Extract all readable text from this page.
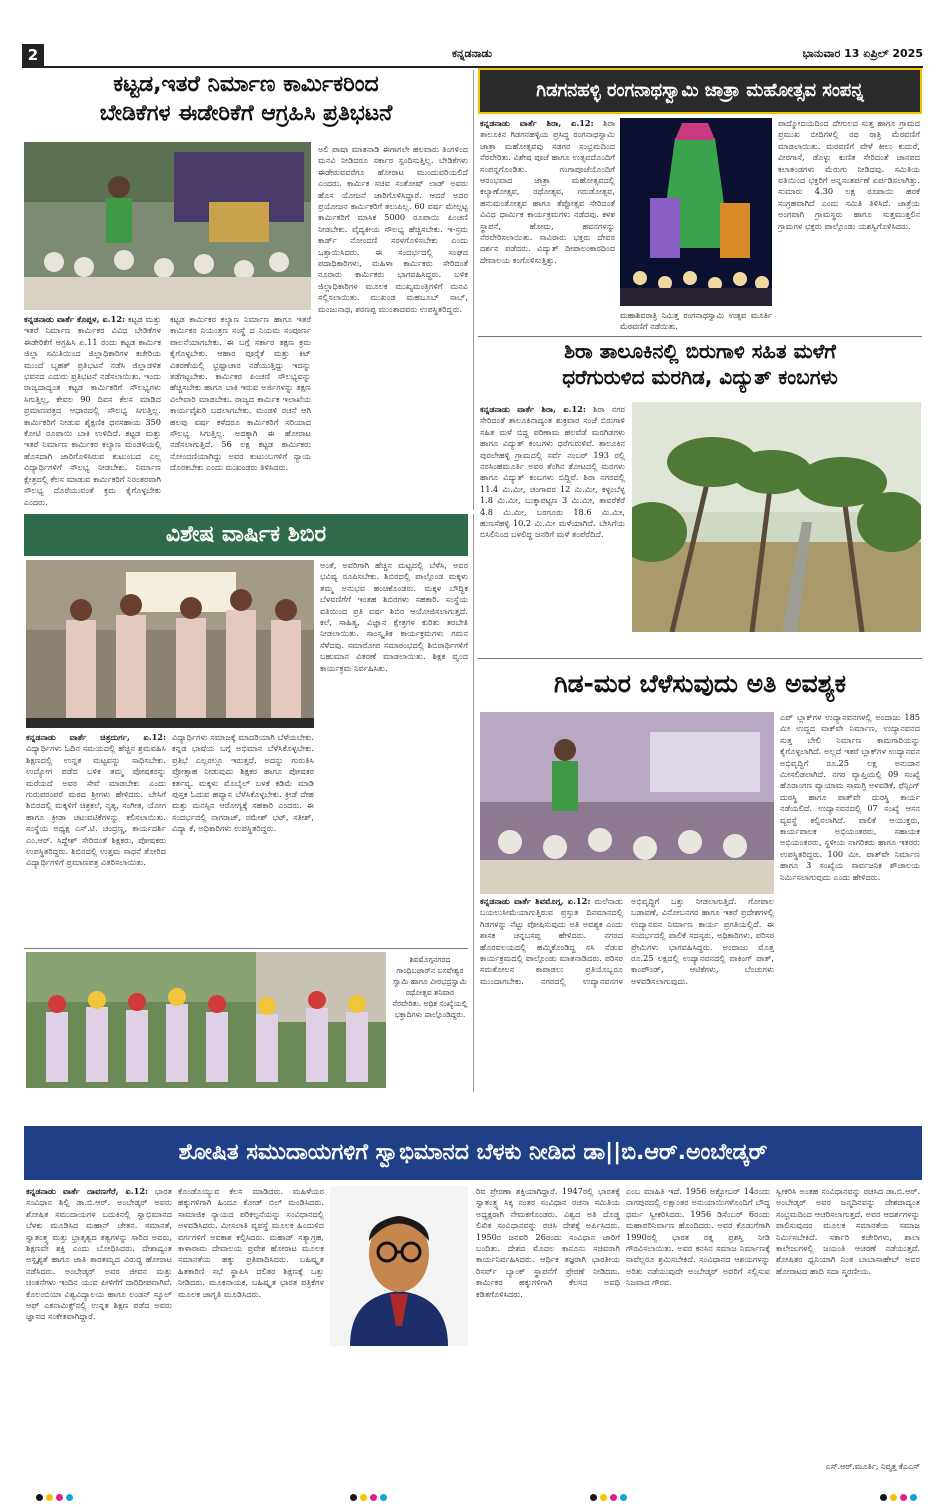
2	ಕನ್ನಡನಾಡು	ಭಾನುವಾರ 13 ಏಪ್ರಿಲ್ 2025
ಕಟ್ಟಡ,ಇತರೆ ನಿರ್ಮಾಣ ಕಾರ್ಮಿಕರಿಂದ
ಬೇಡಿಕೆಗಳ ಈಡೇರಿಕೆಗೆ ಆಗ್ರಹಿಸಿ ಪ್ರತಿಭಟನೆ
ಕನ್ನಡನಾಡು ವಾರ್ತೆ ಕೊಪ್ಪಳ, ಏ.12: ಕಟ್ಟಡ ಮತ್ತು ಇತರೆ ನಿರ್ಮಾಣ ಕಾರ್ಮಿಕರ ವಿವಿಧ ಬೇಡಿಕೆಗಳ ಈಡೇರಿಕೆಗೆ ಆಗ್ರಹಿಸಿ ಏ.11 ರಂದು ಕಟ್ಟಡ ಕಾರ್ಮಿಕ ಜಿಲ್ಲಾ ಸಮಿತಿಯಿಂದ ಜಿಲ್ಲಾಧಿಕಾರಿಗಳ ಕಚೇರಿಯ ಮುಂದೆ ಬೃಹತ್ ಪ್ರತಿಭಟನೆ ನಡೆಸಿ ಜಿಲ್ಲಾಡಳಿತ ಭವನದ ಎದುರು ಪ್ರತಿಭಟನೆ ನಡೆಸಲಾಯಿತು. ಇಂದು ರಾಜ್ಯದಾದ್ಯಂತ ಕಟ್ಟಡ ಕಾರ್ಮಿಕರಿಗೆ ಸೌಲಭ್ಯಗಳು ಸಿಗುತ್ತಿಲ್ಲ, ಕೇವಲ 90 ದಿವಸ ಕೆಲಸ ಮಾಡಿದ ಪ್ರಮಾಣಪತ್ರದ ಆಧಾರದಲ್ಲಿ ಸೌಲಭ್ಯ ಸಿಗುತ್ತಿಲ್ಲ. ಕಾರ್ಮಿಕರಿಗೆ ನೀಡುವ ಶೈಕ್ಷಣಿಕ ಧನಸಹಾಯ 350 ಕೋಟಿ ರೂಪಾಯಿ ಬಾಕಿ ಉಳಿದಿದೆ. ಕಟ್ಟಡ ಮತ್ತು ಇತರೆ ನಿರ್ಮಾಣ ಕಾರ್ಮಿಕರ ಕಲ್ಯಾಣ ಮಂಡಳಿಯಲ್ಲಿ ಹೊಸದಾಗಿ ಜಾರಿಗೊಳಿಸಿರುವ ಕುಟುಂಬದ ಎಲ್ಲ ವಿದ್ಯಾರ್ಥಿಗಳಿಗೆ ಸೌಲಭ್ಯ ನೀಡಬೇಕು. ನಿರ್ಮಾಣ ಕ್ಷೇತ್ರದಲ್ಲಿ ಕೆಲಸ ಮಾಡುವ ಕಾರ್ಮಿಕರಿಗೆ ನಿರಂತರವಾಗಿ ಸೌಲಭ್ಯ ದೊರೆಯುವಂತೆ ಕ್ರಮ ಕೈಗೊಳ್ಳಬೇಕು ಎಂದರು.
ಕಟ್ಟಡ ಕಾರ್ಮಿಕರ ಕಲ್ಯಾಣ ನಿರ್ಮಾಣ ಹಾಗೂ ಇತರೆ ಕಾರ್ಮಿಕರ ನಿಯಂತ್ರಣ ಸಂಸ್ಥೆ ದ ನಿಯಮ ಸಂಪೂರ್ಣ ಪಾಲನೆಯಾಗಬೇಕು. ಈ ಬಗ್ಗೆ ಸರ್ಕಾರ ತಕ್ಷಣ ಕ್ರಮ ಕೈಗೊಳ್ಳಬೇಕು. ಆಹಾರ ಪೂರೈಕೆ ಮತ್ತು ಕಿಟ್ ವಿತರಣೆಯಲ್ಲಿ ಭ್ರಷ್ಟಾಚಾರ ನಡೆಯುತ್ತಿದ್ದು ಇದನ್ನು ತಡೆಗಟ್ಟಬೇಕು. ಕಾರ್ಮಿಕರ ಪಿಂಚಣಿ ಸೌಲಭ್ಯವನ್ನು ಹೆಚ್ಚಿಸಬೇಕು ಹಾಗೂ ಬಾಕಿ ಇರುವ ಅರ್ಜಿಗಳನ್ನು ತಕ್ಷಣ ವಿಲೇವಾರಿ ಮಾಡಬೇಕು. ರಾಜ್ಯದ ಕಾರ್ಮಿಕ ಇಲಾಖೆಯ ಕಾರ್ಯವೈಖರಿ ಬದಲಾಗಬೇಕು. ಮಂಡಳಿ ರಚನೆ ಆಗಿ ಹಲವು ವರ್ಷ ಕಳೆದರೂ ಕಾರ್ಮಿಕರಿಗೆ ಸರಿಯಾದ ಸೌಲಭ್ಯ ಸಿಗುತ್ತಿಲ್ಲ. ಅದಕ್ಕಾಗಿ ಈ ಹೋರಾಟ ನಡೆಸಲಾಗುತ್ತಿದೆ. 56 ಲಕ್ಷ ಕಟ್ಟಡ ಕಾರ್ಮಿಕರು ನೋಂದಣಿಯಾಗಿದ್ದು ಅವರ ಕುಟುಂಬಗಳಿಗೆ ನ್ಯಾಯ ದೊರಕಬೇಕು ಎಂದು ಮುಖಂಡರು ತಿಳಿಸಿದರು.
ಅಲಿ ಪಾಷಾ ಮಾತನಾಡಿ ಈಗಾಗಲೇ ಹಲವಾರು ತಿಂಗಳಿಂದ ಮನವಿ ನೀಡಿದರೂ ಸರ್ಕಾರ ಸ್ಪಂದಿಸುತ್ತಿಲ್ಲ. ಬೇಡಿಕೆಗಳು ಈಡೇರುವವರೆಗೂ ಹೋರಾಟ ಮುಂದುವರಿಯಲಿದೆ ಎಂದರು. ಕಾರ್ಮಿಕ ಸಚಿವ ಸಂತೋಷ್ ಲಾಡ್ ಅವರು ಹೊಸ ಯೋಜನೆ ಜಾರಿಗೊಳಿಸಿದ್ದಾರೆ. ಆದರೆ ಅದರ ಪ್ರಯೋಜನ ಕಾರ್ಮಿಕರಿಗೆ ತಲುಪಿಲ್ಲ. 60 ವರ್ಷ ಮೇಲ್ಪಟ್ಟ ಕಾರ್ಮಿಕರಿಗೆ ಮಾಸಿಕ 5000 ರೂಪಾಯಿ ಪಿಂಚಣಿ ನೀಡಬೇಕು. ವೈದ್ಯಕೀಯ ಸೌಲಭ್ಯ ಹೆಚ್ಚಿಸಬೇಕು. ಇ-ಸ್ರಮ ಕಾರ್ಡ್ ನೋಂದಣಿ ಸರಳಗೊಳಿಸಬೇಕು ಎಂದು ಒತ್ತಾಯಿಸಿದರು. ಈ ಸಂದರ್ಭದಲ್ಲಿ ಸಂಘದ ಪದಾಧಿಕಾರಿಗಳು, ಮಹಿಳಾ ಕಾರ್ಮಿಕರು ಸೇರಿದಂತೆ ನೂರಾರು ಕಾರ್ಮಿಕರು ಭಾಗವಹಿಸಿದ್ದರು. ಬಳಿಕ ಜಿಲ್ಲಾಧಿಕಾರಿಗಳ ಮೂಲಕ ಮುಖ್ಯಮಂತ್ರಿಗಳಿಗೆ ಮನವಿ ಸಲ್ಲಿಸಲಾಯಿತು. ಮುಖಂಡ ಮಹಬೂಬ್ ಸಾಬ್, ಮಂಜುನಾಥ, ಶರಣಪ್ಪ ಮುಂತಾದವರು ಉಪಸ್ಥಿತರಿದ್ದರು.
ಗಿಡಗನಹಳ್ಳಿ ರಂಗನಾಥಸ್ವಾಮಿ ಜಾತ್ರಾ ಮಹೋತ್ಸವ ಸಂಪನ್ನ
ಕನ್ನಡನಾಡು ವಾರ್ತೆ ಶಿರಾ, ಏ.12: ಶಿರಾ ತಾಲೂಕಿನ ಗಿಡಗನಹಳ್ಳಿಯ ಪ್ರಸಿದ್ಧ ರಂಗನಾಥಸ್ವಾಮಿ ಜಾತ್ರಾ ಮಹೋತ್ಸವವು ಸಡಗರ ಸಂಭ್ರಮದಿಂದ ನೆರವೇರಿತು. ವಿಶೇಷ ಪೂಜೆ ಹಾಗೂ ಉತ್ಸವದೊಂದಿಗೆ ಸಂಪನ್ನಗೊಂಡಿತು. ಗಂಗಾಪೂಜೆಯೊಂದಿಗೆ ಆರಂಭವಾದ ಜಾತ್ರಾ ಮಹೋತ್ಸವದಲ್ಲಿ ಕಲ್ಯಾಣೋತ್ಸವ, ರಥೋತ್ಸವ, ಗರುಡೋತ್ಸವ, ಹನುಮಂತೋತ್ಸವ ಹಾಗೂ ತೆಪ್ಪೋತ್ಸವ ಸೇರಿದಂತೆ ವಿವಿಧ ಧಾರ್ಮಿಕ ಕಾರ್ಯಕ್ರಮಗಳು ನಡೆದವು. ಕಳಶ ಸ್ಥಾಪನೆ, ಹೋಮ, ಹವನಗಳನ್ನು ನೆರವೇರಿಸಲಾಯಿತು. ಸಾವಿರಾರು ಭಕ್ತರು ದೇವರ ದರ್ಶನ ಪಡೆದರು. ವಿದ್ಯುತ್ ದೀಪಾಲಂಕಾರದಿಂದ ದೇವಾಲಯ ಕಂಗೊಳಿಸುತ್ತಿತ್ತು.
ಮಹಾಶಿವರಾತ್ರಿ ನಿಮಿತ್ತ ರಂಗನಾಥಸ್ವಾಮಿ ಉತ್ಸವ ಮೂರ್ತಿ ಮೆರವಣಿಗೆ ನಡೆಯಿತು.
ಪಾದ್ಮೋದಯದಿಂದ ದೇಗುಲದ ಸುತ್ತ ಹಾಗೂ ಗ್ರಾಮದ ಪ್ರಮುಖ ಬೀದಿಗಳಲ್ಲಿ ರಥ ರಾತ್ರಿ ಮೆರವಣಿಗೆ ಮಾಡಲಾಯಿತು. ಮರವಣಿಗೆ ವೇಳೆ ಕೀಲು ಕುದುರೆ, ವೀರಗಾಸೆ, ಡೊಳ್ಳು ಕುಣಿತ ಸೇರಿದಂತೆ ಜಾನಪದ ಕಲಾತಂಡಗಳು ಮೆರುಗು ನೀಡಿದವು. ಸಮಿತಿಯ ವತಿಯಿಂದ ಭಕ್ತರಿಗೆ ಅನ್ನಸಂತರ್ಪಣೆ ಏರ್ಪಡಿಸಲಾಗಿತ್ತು. ಸುಮಾರು 4.30 ಲಕ್ಷ ರೂಪಾಯಿ ಹರಕೆ ಸಂಗ್ರಹವಾಗಿದೆ ಎಂದು ಸಮಿತಿ ತಿಳಿಸಿದೆ. ಜಾತ್ರೆಯ ಅಂಗವಾಗಿ ಗ್ರಾಮಸ್ಥರು ಹಾಗೂ ಸುತ್ತಮುತ್ತಲಿನ ಗ್ರಾಮಗಳ ಭಕ್ತರು ಪಾಲ್ಗೊಂಡು ಯಶಸ್ವಿಗೊಳಿಸಿದರು.
ಶಿರಾ ತಾಲೂಕಿನಲ್ಲಿ ಬಿರುಗಾಳಿ ಸಹಿತ ಮಳೆಗೆ
ಧರೆಗುರುಳಿದ ಮರಗಿಡ, ವಿದ್ಯುತ್ ಕಂಬಗಳು
ಕನ್ನಡನಾಡು ವಾರ್ತೆ ಶಿರಾ, ಏ.12: ಶಿರಾ ನಗರ ಸೇರಿದಂತೆ ತಾಲೂಕಿನಾದ್ಯಂತ ಶುಕ್ರವಾರ ಸಂಜೆ ಬಿರುಗಾಳಿ ಸಹಿತ ಮಳೆ ಬಿದ್ದ ಪರಿಣಾಮ ಹಲವೆಡೆ ಮರಗಿಡಗಳು ಹಾಗೂ ವಿದ್ಯುತ್ ಕಂಬಗಳು ಧರೆಗುರುಳಿವೆ. ತಾಲೂಕಿನ ಪುರಲೇಹಳ್ಳಿ ಗ್ರಾಮದಲ್ಲಿ ಸರ್ವೆ ನಂಬರ್ 193 ರಲ್ಲಿ ನರಸಿಂಹಮೂರ್ತಿ ಅವರ ತೆಂಗಿನ ತೋಟದಲ್ಲಿ ಮರಗಳು ಹಾಗೂ ವಿದ್ಯುತ್ ಕಂಬಗಳು ಬಿದ್ದಿವೆ. ಶಿರಾ ನಗರದಲ್ಲಿ 11.4 ಮಿ.ಮೀ, ಚಂಗಾವರ 12 ಮಿ.ಮೀ, ಕಳ್ಳಂಬೆಳ್ಳ 1.8 ಮಿ.ಮೀ, ಬುಕ್ಕಾಪಟ್ಟಣ 3 ಮಿ.ಮೀ, ತಾವರೆಕೆರೆ 4.8 ಮಿ.ಮೀ, ಬರಗೂರು 18.6 ಮಿ.ಮೀ, ಹುಣಸೆಹಳ್ಳಿ 10.2 ಮಿ.ಮೀ ಮಳೆಯಾಗಿದೆ. ಬೇಸಿಗೆಯ ಬಿಸಿಲಿನಿಂದ ಬಳಲಿದ್ದ ಜನರಿಗೆ ಮಳೆ ತಂಪೆರೆದಿದೆ.
ವಿಶೇಷ ವಾರ್ಷಿಕ ಶಿಬಿರ
ಕನ್ನಡನಾಡು ವಾರ್ತೆ ಚಿತ್ರದುರ್ಗ, ಏ.12: ವಿದ್ಯಾರ್ಥಿಗಳು ಓದಿನ ಸಮಯದಲ್ಲಿ ಹೆಚ್ಚಿನ ಶ್ರಮವಹಿಸಿ ಶಿಕ್ಷಣದಲ್ಲಿ ಉನ್ನತ ಮಟ್ಟವನ್ನು ಸಾಧಿಸಬೇಕು. ಉದ್ಯೋಗ ಪಡೆದ ಬಳಿಕ ತಮ್ಮ ಪೋಷಕರನ್ನು ಮರೆಯದೆ ಅವರ ಸೇವೆ ಮಾಡಬೇಕು ಎಂದು ಗುರುಪರಂಪರೆ ಮಠದ ಶ್ರೀಗಳು ಹೇಳಿದರು. ಬೇಸಿಗೆ ಶಿಬಿರದಲ್ಲಿ ಮಕ್ಕಳಿಗೆ ಚಿತ್ರಕಲೆ, ನೃತ್ಯ, ಸಂಗೀತ, ಯೋಗ ಹಾಗೂ ಕ್ರೀಡಾ ಚಟುವಟಿಕೆಗಳನ್ನು ಕಲಿಸಲಾಯಿತು. ಸಂಸ್ಥೆಯ ಅಧ್ಯಕ್ಷ ಎಸ್.ಟಿ. ಚಂದ್ರಣ್ಣ, ಕಾರ್ಯದರ್ಶಿ ಎಂ.ಆರ್. ಸಿದ್ದೇಶ್ ಸೇರಿದಂತೆ ಶಿಕ್ಷಕರು, ಪೋಷಕರು ಉಪಸ್ಥಿತರಿದ್ದರು. ಶಿಬಿರದಲ್ಲಿ ಉತ್ತಮ ಸಾಧನೆ ತೋರಿದ ವಿದ್ಯಾರ್ಥಿಗಳಿಗೆ ಪ್ರಮಾಣಪತ್ರ ವಿತರಿಸಲಾಯಿತು.
ವಿದ್ಯಾರ್ಥಿಗಳು ಸಮಾಜಕ್ಕೆ ಮಾದರಿಯಾಗಿ ಬೆಳೆಯಬೇಕು. ಕನ್ನಡ ಭಾಷೆಯ ಬಗ್ಗೆ ಅಭಿಮಾನ ಬೆಳೆಸಿಕೊಳ್ಳಬೇಕು. ಪ್ರತಿಭೆ ಎಲ್ಲರಲ್ಲೂ ಇರುತ್ತದೆ, ಅದನ್ನು ಗುರುತಿಸಿ ಪ್ರೋತ್ಸಾಹ ನೀಡುವುದು ಶಿಕ್ಷಕರ ಹಾಗೂ ಪೋಷಕರ ಕರ್ತವ್ಯ. ಮಕ್ಕಳು ಮೊಬೈಲ್ ಬಳಕೆ ಕಡಿಮೆ ಮಾಡಿ ಪುಸ್ತಕ ಓದುವ ಹವ್ಯಾಸ ಬೆಳೆಸಿಕೊಳ್ಳಬೇಕು. ಕ್ರೀಡೆ ದೇಹ ಮತ್ತು ಮನಸ್ಸಿನ ಆರೋಗ್ಯಕ್ಕೆ ಸಹಕಾರಿ ಎಂದರು. ಈ ಸಂದರ್ಭದಲ್ಲಿ ನಾಗರಾಜ್, ರಮೇಶ್ ಭಟ್, ಸತೀಶ್, ವಿದ್ಯಾ ಕೆ, ಅಧಿಕಾರಿಗಳು ಉಪಸ್ಥಿತರಿದ್ದರು.
ಅಂತೆ, ಅವರಿಗಾಗಿ ಹೆಚ್ಚಿನ ಮಟ್ಟದಲ್ಲಿ ಬೆಳೆಸಿ, ಅವರ ಭವಿಷ್ಯ ರೂಪಿಸಬೇಕು. ಶಿಬಿರದಲ್ಲಿ ಪಾಲ್ಗೊಂಡ ಮಕ್ಕಳು ತಮ್ಮ ಅನುಭವ ಹಂಚಿಕೊಂಡರು. ಮಕ್ಕಳ ಬೌದ್ಧಿಕ ಬೆಳವಣಿಗೆಗೆ ಇಂತಹ ಶಿಬಿರಗಳು ಸಹಕಾರಿ. ಸಂಸ್ಥೆಯ ವತಿಯಿಂದ ಪ್ರತಿ ವರ್ಷ ಶಿಬಿರ ಆಯೋಜಿಸಲಾಗುತ್ತದೆ. ಕಲೆ, ಸಾಹಿತ್ಯ, ವಿಜ್ಞಾನ ಕ್ಷೇತ್ರಗಳ ಕುರಿತು ತರಬೇತಿ ನೀಡಲಾಯಿತು. ಸಾಂಸ್ಕೃತಿಕ ಕಾರ್ಯಕ್ರಮಗಳು ಗಮನ ಸೆಳೆದವು. ಸಮಾರೋಪ ಸಮಾರಂಭದಲ್ಲಿ ಶಿಬಿರಾರ್ಥಿಗಳಿಗೆ ಬಹುಮಾನ ವಿತರಣೆ ಮಾಡಲಾಯಿತು. ಶಿಕ್ಷಕ ವೃಂದ ಕಾರ್ಯಕ್ರಮ ನಿರ್ವಹಿಸಿತು.
ಶಿವಮೊಗ್ಗನಗರದ ಗಾಂಧಿಬಜಾರ್‌ನ ಬಸವೇಶ್ವರ ಸ್ವಾಮಿ ಹಾಗೂ ವೀರಭದ್ರಸ್ವಾಮಿ ರಥೋತ್ಸವ ಶನಿವಾರ ನೆರವೇರಿತು. ಅಧಿಕ ಸಂಖ್ಯೆಯಲ್ಲಿ ಭಕ್ತಾದಿಗಳು ಪಾಲ್ಗೊಂಡಿದ್ದರು.
ಗಿಡ-ಮರ ಬೆಳೆಸುವುದು ಅತಿ ಅವಶ್ಯಕ
ಕನ್ನಡನಾಡು ವಾರ್ತೆ ಶಿವಮೊಗ್ಗ, ಏ.12: ಮಲೆನಾಡು ಬಯಲುಸೀಮೆಯಾಗುತ್ತಿರುವ ಪ್ರಸ್ತುತ ದಿನಮಾನದಲ್ಲಿ ಗಿಡಗಳನ್ನು ನೆಟ್ಟು ಪೋಷಿಸುವುದು ಅತಿ ಅವಶ್ಯಕ ಎಂದು ಶಾಸಕ ಚನ್ನಬಸಪ್ಪ ಹೇಳಿದರು. ನಗರದ ಹೊರವಲಯದಲ್ಲಿ ಹಮ್ಮಿಕೊಂಡಿದ್ದ ಸಸಿ ನೆಡುವ ಕಾರ್ಯಕ್ರಮದಲ್ಲಿ ಪಾಲ್ಗೊಂಡು ಮಾತನಾಡಿದರು. ಪರಿಸರ ಸಮತೋಲನ ಕಾಪಾಡಲು ಪ್ರತಿಯೊಬ್ಬರೂ ಮುಂದಾಗಬೇಕು. ನಗರದಲ್ಲಿ ಉದ್ಯಾನವನಗಳ ಅಭಿವೃದ್ಧಿಗೆ ಒತ್ತು ನೀಡಲಾಗುತ್ತಿದೆ. ಗೋಪಾಲ ಬಡಾವಣೆ, ವಿನೋಬನಗರ ಹಾಗೂ ಇತರೆ ಪ್ರದೇಶಗಳಲ್ಲಿ ಉದ್ಯಾನವನ ನಿರ್ಮಾಣ ಕಾರ್ಯ ಪ್ರಗತಿಯಲ್ಲಿದೆ. ಈ ಸಂದರ್ಭದಲ್ಲಿ ಪಾಲಿಕೆ ಸದಸ್ಯರು, ಅಧಿಕಾರಿಗಳು, ಪರಿಸರ ಪ್ರೇಮಿಗಳು ಭಾಗವಹಿಸಿದ್ದರು. ಅಂದಾಜು ಮೊತ್ತ ರೂ.25 ಲಕ್ಷದಲ್ಲಿ ಉದ್ಯಾನವನದಲ್ಲಿ ವಾಕಿಂಗ್ ಪಾತ್, ಕಾಂಪೌಂಡ್, ಆಟಿಕೆಗಳು, ಬೆಂಚುಗಳು ಅಳವಡಿಸಲಾಗುವುದು.
ಎಪ್ ಬ್ಲಾಕ್‌ಗಳ ಉದ್ಯಾನವನಗಳಲ್ಲಿ ಅಂದಾಜು 185 ಮೀ ಉದ್ದದ ವಾಕ್‌ವೇ ನಿರ್ಮಾಣ, ಉದ್ಯಾನವನದ ಸುತ್ತ ಬೇಲಿ ನಿರ್ಮಾಣ ಕಾಮಗಾರಿಯನ್ನು ಕೈಗೊಳ್ಳಲಾಗಿದೆ. ಅಲ್ಲದೆ ಇತರೆ ಬ್ಲಾಕ್‌ಗಳ ಉದ್ಯಾನವನ ಅಭಿವೃದ್ಧಿಗೆ ರೂ.25 ಲಕ್ಷ ಅನುದಾನ ಮೀಸಲಿಡಲಾಗಿದೆ. ನಗರ ವ್ಯಾಪ್ತಿಯಲ್ಲಿ 09 ಸಂಖ್ಯೆ ಹೊರಾಂಗಣ ವ್ಯಾಯಾಮ ಸಾಮಗ್ರಿ ಅಳವಡಿಕೆ, ಫೆನ್ಸಿಂಗ್ ದುರಸ್ಥಿ ಹಾಗೂ ಪಾತ್‌ವೇ ದುರಸ್ಥಿ ಕಾರ್ಯ ನಡೆಯಲಿದೆ. ಉದ್ಯಾನವನದಲ್ಲಿ 07 ಸಂಖ್ಯೆ ಆಸನ ವ್ಯವಸ್ಥೆ ಕಲ್ಪಿಸಲಾಗಿದೆ. ಪಾಲಿಕೆ ಆಯುಕ್ತರು, ಕಾರ್ಯಪಾಲಕ ಅಭಿಯಂತರರು, ಸಹಾಯಕ ಅಭಿಯಂತರರು, ಸ್ಥಳೀಯ ನಾಗರಿಕರು ಹಾಗೂ ಇತರರು ಉಪಸ್ಥಿತರಿದ್ದರು. 100 ಮೀ. ಪಾತ್‌ವೇ ನಿರ್ಮಾಣ ಹಾಗೂ 3 ಸಂಖ್ಯೆಯ ಸಾರ್ವಜನಿಕ ಶೌಚಾಲಯ ನಿರ್ಮಿಸಲಾಗುವುದು ಎಂದು ಹೇಳಿದರು.
ಶೋಷಿತ ಸಮುದಾಯಗಳಿಗೆ ಸ್ವಾಭಿಮಾನದ ಬೆಳಕು ನೀಡಿದ ಡಾ||ಬಿ.ಆರ್.ಅಂಬೇಡ್ಕರ್
ಕನ್ನಡನಾಡು ವಾರ್ತೆ ದಾವಣಗೆರೆ, ಏ.12: ಭಾರತ ಸಂವಿಧಾನ ಶಿಲ್ಪಿ ಡಾ.ಬಿ.ಆರ್. ಅಂಬೇಡ್ಕರ್ ಅವರು ಶೋಷಿತ ಸಮುದಾಯಗಳ ಬದುಕಿನಲ್ಲಿ ಸ್ವಾಭಿಮಾನದ ಬೆಳಕು ಮೂಡಿಸಿದ ಮಹಾನ್ ಚೇತನ. ಸಮಾನತೆ, ಸ್ವಾತಂತ್ರ್ಯ ಮತ್ತು ಭ್ರಾತೃತ್ವದ ತತ್ವಗಳನ್ನು ಸಾರಿದ ಅವರು, ಶಿಕ್ಷಣವೇ ಶಕ್ತಿ ಎಂದು ಬೋಧಿಸಿದರು. ದೇಶಾದ್ಯಂತ ಅಸ್ಪೃಶ್ಯತೆ ಹಾಗೂ ಜಾತಿ ತಾರತಮ್ಯದ ವಿರುದ್ಧ ಹೋರಾಟ ನಡೆಸಿದರು. ಅಂಬೇಡ್ಕರ್ ಅವರ ಜೀವನ ಮತ್ತು ಚಿಂತನೆಗಳು ಇಂದಿನ ಯುವ ಪೀಳಿಗೆಗೆ ದಾರಿದೀಪವಾಗಿವೆ. ಕೊಲಂಬಿಯಾ ವಿಶ್ವವಿದ್ಯಾಲಯ ಹಾಗೂ ಲಂಡನ್ ಸ್ಕೂಲ್ ಆಫ್ ಎಕನಾಮಿಕ್ಸ್‌ನಲ್ಲಿ ಉನ್ನತ ಶಿಕ್ಷಣ ಪಡೆದ ಅವರು ಜ್ಞಾನದ ಸಂಕೇತವಾಗಿದ್ದಾರೆ.
ಕೊಂಡೊಯ್ಯುವ ಕೆಲಸ ಮಾಡಿದರು. ಮಹಿಳೆಯರ ಹಕ್ಕುಗಳಿಗಾಗಿ ಹಿಂದೂ ಕೋಡ್ ಬಿಲ್ ಮಂಡಿಸಿದರು. ಸಾಮಾಜಿಕ ನ್ಯಾಯದ ಪರಿಕಲ್ಪನೆಯನ್ನು ಸಂವಿಧಾನದಲ್ಲಿ ಅಳವಡಿಸಿದರು. ಮೀಸಲಾತಿ ವ್ಯವಸ್ಥೆ ಮೂಲಕ ಹಿಂದುಳಿದ ವರ್ಗಗಳಿಗೆ ಅವಕಾಶ ಕಲ್ಪಿಸಿದರು. ಮಹಾಡ್ ಸತ್ಯಾಗ್ರಹ, ಕಾಳಾರಾಮ ದೇವಾಲಯ ಪ್ರವೇಶ ಹೋರಾಟ ಮೂಲಕ ಸಮಾನತೆಯ ಹಕ್ಕು ಪ್ರತಿಪಾದಿಸಿದರು. ಬಹಿಷ್ಕೃತ ಹಿತಕಾರಿಣಿ ಸಭೆ ಸ್ಥಾಪಿಸಿ ದಲಿತರ ಶಿಕ್ಷಣಕ್ಕೆ ಒತ್ತು ನೀಡಿದರು. ಮೂಕನಾಯಕ, ಬಹಿಷ್ಕೃತ ಭಾರತ ಪತ್ರಿಕೆಗಳ ಮೂಲಕ ಜಾಗೃತಿ ಮೂಡಿಸಿದರು.
ರಿವ ಪ್ರೇರಣಾ ಶಕ್ತಿಯಾಗಿದ್ದಾರೆ. 1947ರಲ್ಲಿ ಭಾರತಕ್ಕೆ ಸ್ವಾತಂತ್ರ್ಯ ಸಿಕ್ಕ ನಂತರ ಸಂವಿಧಾನ ರಚನಾ ಸಮಿತಿಯ ಅಧ್ಯಕ್ಷರಾಗಿ ನೇಮಕಗೊಂಡರು. ವಿಶ್ವದ ಅತಿ ದೊಡ್ಡ ಲಿಖಿತ ಸಂವಿಧಾನವನ್ನು ರಚಿಸಿ ದೇಶಕ್ಕೆ ಅರ್ಪಿಸಿದರು. 1950ರ ಜನವರಿ 26ರಂದು ಸಂವಿಧಾನ ಜಾರಿಗೆ ಬಂದಿತು. ದೇಶದ ಮೊದಲ ಕಾನೂನು ಸಚಿವರಾಗಿ ಕಾರ್ಯನಿರ್ವಹಿಸಿದರು. ಆರ್ಥಿಕ ತಜ್ಞರಾಗಿ ಭಾರತೀಯ ರಿಸರ್ವ್ ಬ್ಯಾಂಕ್ ಸ್ಥಾಪನೆಗೆ ಪ್ರೇರಣೆ ನೀಡಿದರು. ಕಾರ್ಮಿಕರ ಹಕ್ಕುಗಳಿಗಾಗಿ ಕೆಲಸದ ಅವಧಿ ಕಡಿತಗೊಳಿಸಿದರು.
ಎಂಬ ಮಾಹಿತಿ ಇದೆ. 1956 ಅಕ್ಟೋಬರ್ 14ರಂದು ನಾಗಪುರದಲ್ಲಿ ಲಕ್ಷಾಂತರ ಅನುಯಾಯಿಗಳೊಂದಿಗೆ ಬೌದ್ಧ ಧರ್ಮ ಸ್ವೀಕರಿಸಿದರು. 1956 ಡಿಸೆಂಬರ್ 6ರಂದು ಮಹಾಪರಿನಿರ್ವಾಣ ಹೊಂದಿದರು. ಅವರ ಕೊಡುಗೆಗಾಗಿ 1990ರಲ್ಲಿ ಭಾರತ ರತ್ನ ಪ್ರಶಸ್ತಿ ನೀಡಿ ಗೌರವಿಸಲಾಯಿತು. ಅವರ ಕನಸಿನ ಸಮಾಜ ನಿರ್ಮಾಣಕ್ಕೆ ನಾವೆಲ್ಲರೂ ಶ್ರಮಿಸಬೇಕಿದೆ. ಸಂವಿಧಾನದ ಆಶಯಗಳನ್ನು ಅರಿತು ನಡೆಯುವುದೇ ಅಂಬೇಡ್ಕರ್ ಅವರಿಗೆ ಸಲ್ಲಿಸುವ ನಿಜವಾದ ಗೌರವ.
ಸ್ವೀಕರಿಸಿ ಅಂತಹ ಸಂವಿಧಾನವನ್ನು ರಚಿಸಿದ ಡಾ.ಬಿ.ಆರ್. ಅಂಬೇಡ್ಕರ್ ಅವರ ಜನ್ಮದಿನವನ್ನು ದೇಶದಾದ್ಯಂತ ಸಂಭ್ರಮದಿಂದ ಆಚರಿಸಲಾಗುತ್ತದೆ. ಅವರ ಆದರ್ಶಗಳನ್ನು ಪಾಲಿಸುವುದರ ಮೂಲಕ ಸಮಾನತೆಯ ಸಮಾಜ ನಿರ್ಮಿಸಬೇಕಿದೆ. ಸರ್ಕಾರಿ ಕಚೇರಿಗಳು, ಶಾಲಾ ಕಾಲೇಜುಗಳಲ್ಲಿ ಜಯಂತಿ ಆಚರಣೆ ನಡೆಯುತ್ತದೆ. ಶೋಷಿತರ ಧ್ವನಿಯಾಗಿ ನಿಂತ ಬಾಬಾಸಾಹೇಬ್ ಅವರ ಹೋರಾಟದ ಹಾದಿ ಸದಾ ಸ್ಮರಣೀಯ.
ಎಸ್.ಆರ್.ಮೂರ್ತಿ, ನಿವೃತ್ತ ಕೆಎಎಸ್
